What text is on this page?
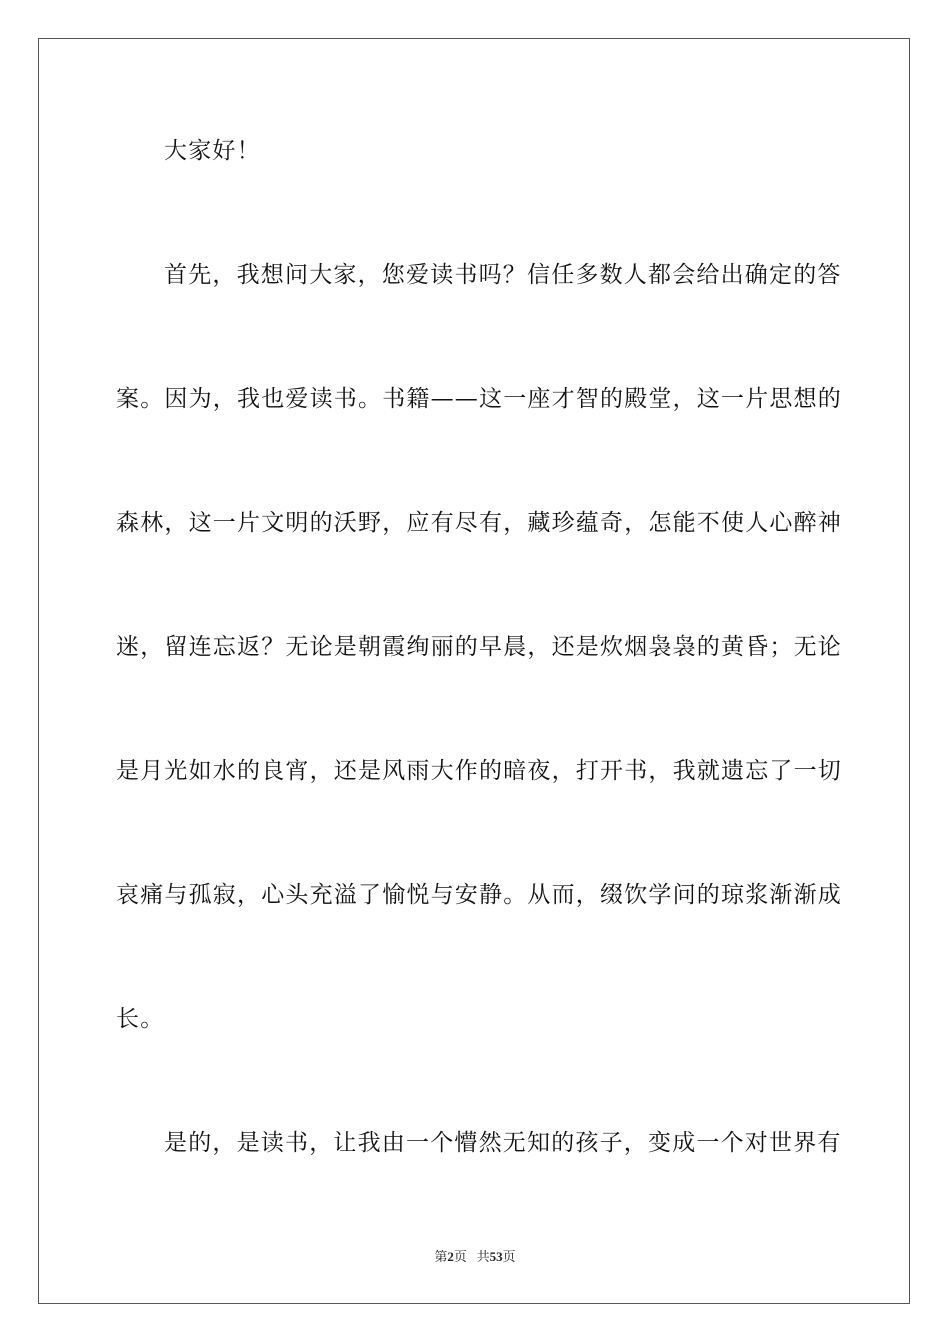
大家好！
首先，我想问大家，您爱读书吗？信任多数人都会给出确定的答
案。因为，我也爱读书。书籍——这一座才智的殿堂，这一片思想的
森林，这一片文明的沃野，应有尽有，藏珍蕴奇，怎能不使人心醉神
迷，留连忘返？无论是朝霞绚丽的早晨，还是炊烟袅袅的黄昏；无论
是月光如水的良宵，还是风雨大作的暗夜，打开书，我就遗忘了一切
哀痛与孤寂，心头充溢了愉悦与安静。从而，缀饮学问的琼浆渐渐成
长。
是的，是读书，让我由一个懵然无知的孩子，变成一个对世界有
第2页 共53页
